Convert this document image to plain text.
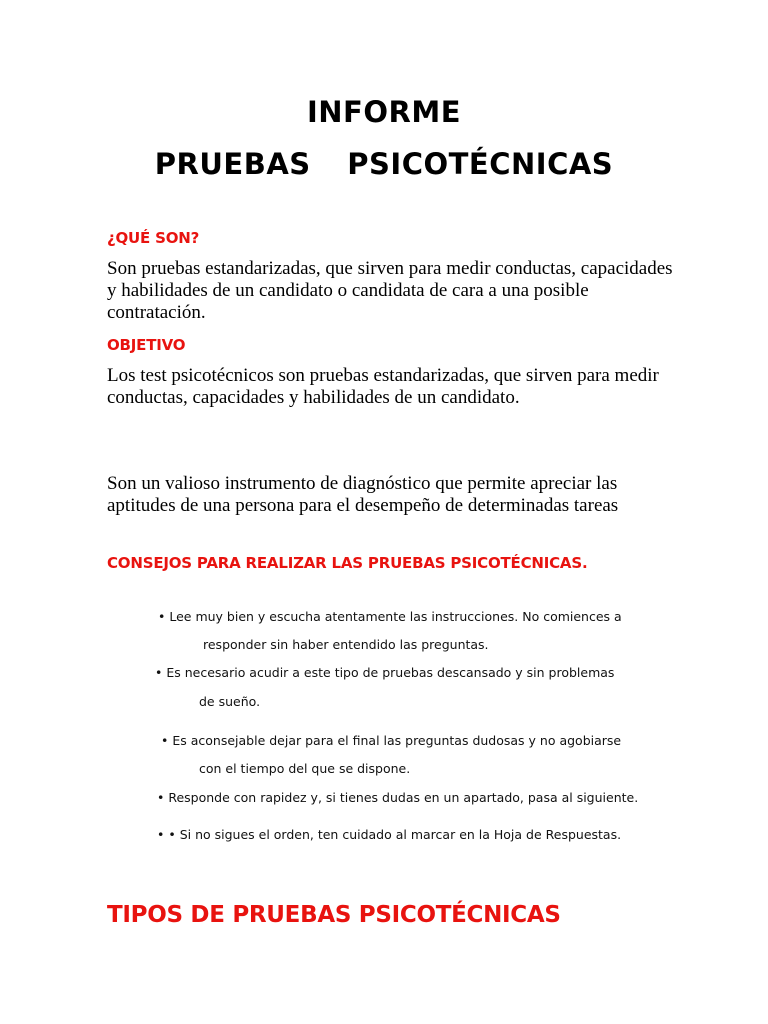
INFORME
PRUEBAS PSICOTÉCNICAS
¿QUÉ SON?

Son pruebas estandarizadas, que sirven para medir conductas, capacidades y habilidades de un candidato o candidata de cara a una posible contratación.

OBJETIVO

Los test psicotécnicos son pruebas estandarizadas, que sirven para medir conductas, capacidades y habilidades de un candidato.

Son un valioso instrumento de diagnóstico que permite apreciar las aptitudes de una persona para el desempeño de determinadas tareas

CONSEJOS PARA REALIZAR LAS PRUEBAS PSICOTÉCNICAS.

• Lee muy bien y escucha atentamente las instrucciones. No comiences a

responder sin haber entendido las preguntas.

• Es necesario acudir a este tipo de pruebas descansado y sin problemas

de sueño.

• Es aconsejable dejar para el final las preguntas dudosas y no agobiarse

con el tiempo del que se dispone.

• Responde con rapidez y, si tienes dudas en un apartado, pasa al siguiente.

• • Si no sigues el orden, ten cuidado al marcar en la Hoja de Respuestas.

TIPOS DE PRUEBAS PSICOTÉCNICAS
